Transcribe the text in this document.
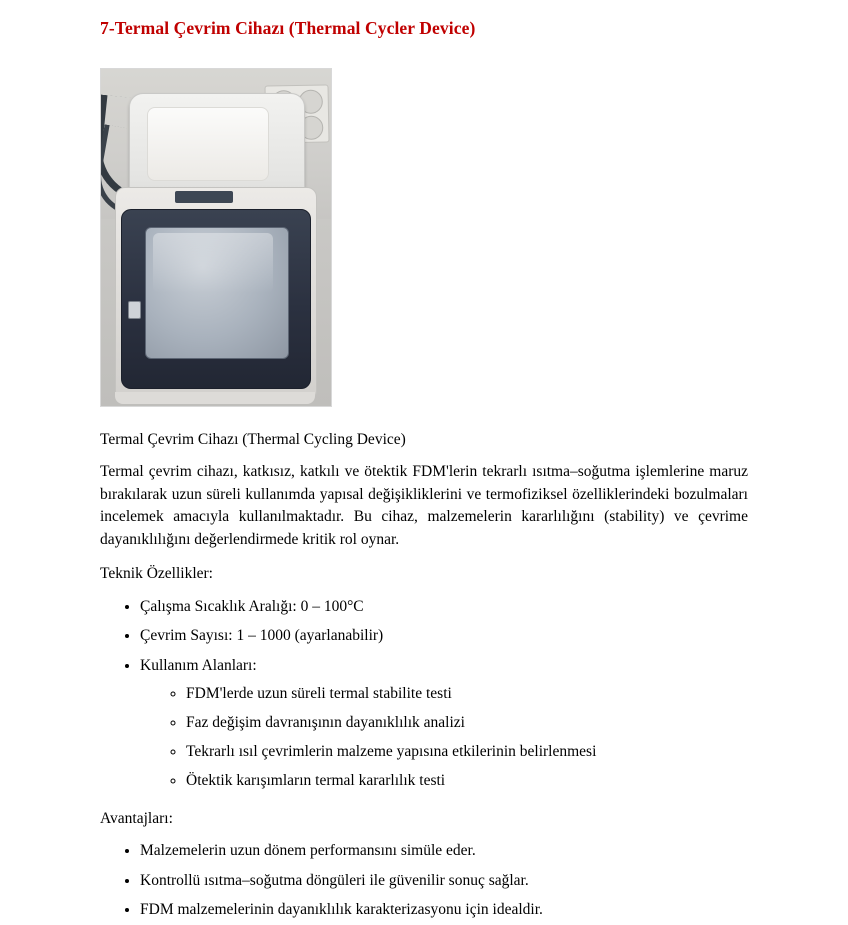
7-Termal Çevrim Cihazı (Thermal Cycler Device)

Termal Çevrim Cihazı (Thermal Cycling Device)

Termal çevrim cihazı, katkısız, katkılı ve ötektik FDM'lerin tekrarlı ısıtma–soğutma işlemlerine maruz bırakılarak uzun süreli kullanımda yapısal değişikliklerini ve termofiziksel özelliklerindeki bozulmaları incelemek amacıyla kullanılmaktadır. Bu cihaz, malzemelerin kararlılığını (stability) ve çevrime dayanıklılığını değerlendirmede kritik rol oynar.

Teknik Özellikler:

• Çalışma Sıcaklık Aralığı: 0 – 100°C
• Çevrim Sayısı: 1 – 1000 (ayarlanabilir)
• Kullanım Alanları:
◦ FDM'lerde uzun süreli termal stabilite testi
◦ Faz değişim davranışının dayanıklılık analizi
◦ Tekrarlı ısıl çevrimlerin malzeme yapısına etkilerinin belirlenmesi
◦ Ötektik karışımların termal kararlılık testi

Avantajları:

• Malzemelerin uzun dönem performansını simüle eder.
• Kontrollü ısıtma–soğutma döngüleri ile güvenilir sonuç sağlar.
• FDM malzemelerinin dayanıklılık karakterizasyonu için idealdir.
